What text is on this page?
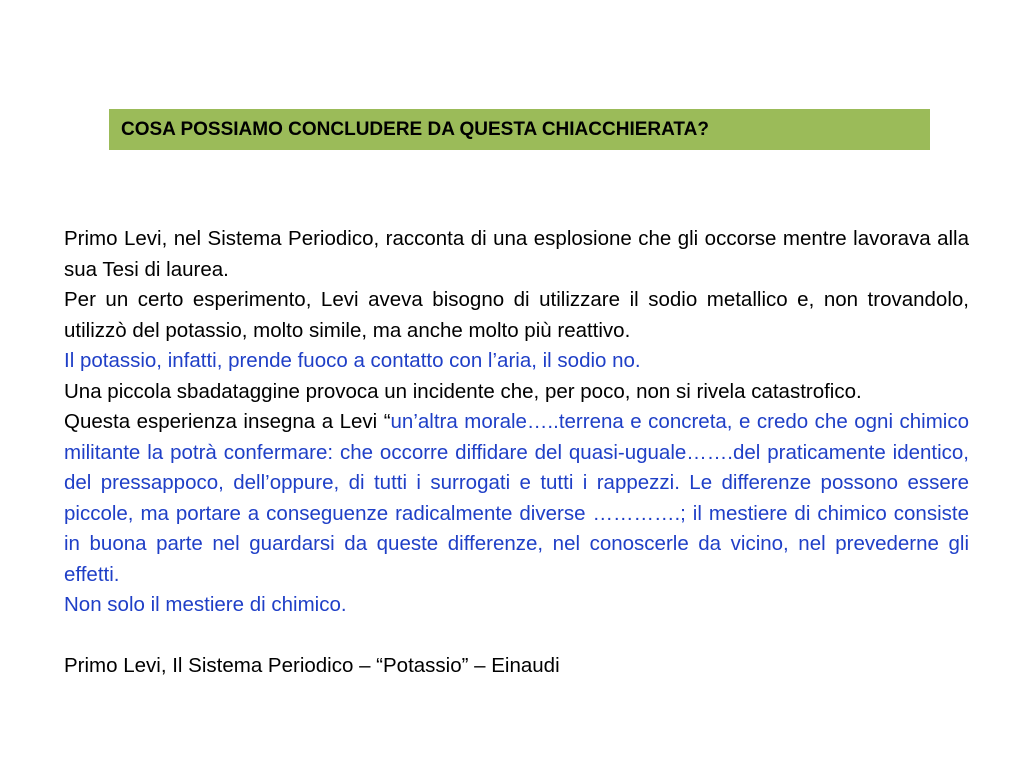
COSA POSSIAMO CONCLUDERE DA QUESTA CHIACCHIERATA?

Primo Levi, nel Sistema Periodico, racconta di una esplosione che gli occorse mentre lavorava alla sua Tesi di laurea.

Per un certo esperimento, Levi aveva bisogno di utilizzare il sodio metallico e, non trovandolo, utilizzò del potassio, molto simile, ma anche molto più reattivo.

Il potassio, infatti, prende fuoco a contatto con l’aria, il sodio no.

Una piccola sbadataggine provoca un incidente che, per poco, non si rivela catastrofico.

Questa esperienza insegna a Levi “un’altra morale…..terrena e concreta, e credo che ogni chimico militante la potrà confermare: che occorre diffidare del quasi-uguale…….del praticamente identico, del pressappoco, dell’oppure, di tutti i surrogati e tutti i rappezzi. Le differenze possono essere piccole, ma portare a conseguenze radicalmente diverse ………….; il mestiere di chimico consiste in buona parte nel guardarsi da queste differenze, nel conoscerle da vicino, nel prevederne gli effetti.

Non solo il mestiere di chimico.

Primo Levi, Il Sistema Periodico – “Potassio” – Einaudi
